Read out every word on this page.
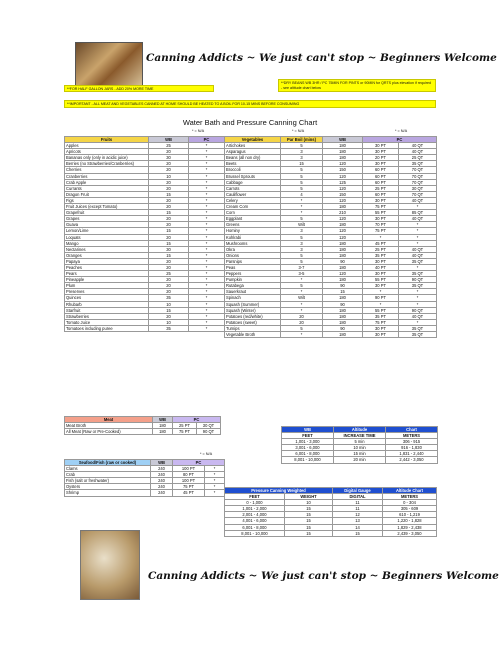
Canning Addicts ~ We just can't stop ~ Beginners Welcome
**FOR HALF GALLON JARS - ADD 20% MORE TIME
**DRY BEANS WB 3HR / PC 75MIN FOR PINTS or 90MIN for QRTS plus elevation if required - see altitude chart below
**IMPORTANT - ALL MEAT AND VEGETABLES CANNED AT HOME SHOULD BE HEATED TO A BOIL FOR 10-15 MINS BEFORE CONSUMING
Water Bath and Pressure Canning Chart
* = N/A	* = N/A	* = N/A
Fruits	WB	PC
Apples	25	*
Apricots	20	*
Bananas only (only in acidic juice)	30	*
Berries (no Strawberries/Cranberries)	20	*
Cherries	20	*
Cranberries	10	*
Crab Apple	20	*
Currants	20	*
Dragon Fruit	15	*
Figs	20	*
Fruit Juices (except Tomato)	20	*
Grapefruit	15	*
Grapes	20	*
Guava	20	*
Lemon/Lime	15	*
Loquats	20	*
Mango	15	*
Nectarines	30	*
Oranges	15	*
Papaya	20	*
Peaches	20	*
Pears	25	*
Pineapple	20	*
Plum	20	*
Preserves	20	*
Quinces	35	*
Rhubarb	10	*
Starfruit	15	*
Strawberries	20	*
Tomato Juice	10	*
Tomatoes including puree	35	*
Vegetables	Par Boil (mins)	WB	PC	
Artichokes	5	180	30 PT	40 QT
Asparagus	3	180	30 PT	40 QT
Beans (all non dry)	3	180	20 PT	25 QT
Beets	15	120	30 PT	35 QT
Broccoli	5	150	60 PT	70 QT
Brussel Sprouts	5	120	60 PT	70 QT
Cabbage	5	125	60 PT	70 QT
Carrots	5	120	25 PT	30 QT
Cauliflower	4	150	60 PT	70 QT
Celery	*	120	30 PT	40 QT
Cream Corn	*	180	75 PT	*
Corn	*	210	55 PT	85 QT
Eggplant	5	120	30 PT	40 QT
Greens	Wilt	180	70 PT	*
Hominy	3	120	75 PT	*
Kohlrabi	5	120	*	*
Mushrooms	3	180	45 PT	*
Okra	3	180	25 PT	40 QT
Onions	5	180	35 PT	40 QT
Parsnips	5	90	30 PT	35 QT
Peas	3-7	180	40 PT	*
Peppers	3-5	120	30 PT	35 QT
Pumpkin	*	180	55 PT	90 QT
Rutabega	5	90	30 PT	35 QT
Sauerkraut	*	15	*	*
Spinach	Wilt	180	90 PT	*
Squash (Summer)	*	90	*	*
Squash (Winter)	*	180	55 PT	90 QT
Potatoes (red/white)	20	180	35 PT	40 QT
Potatoes (sweet)	20	180	75 PT	*
Turnips	5	90	30 PT	35 QT
Vegetable Broth	*	180	30 PT	35 QT
Meat	WB	PC	
Meat Broth	180	25 PT	30 QT
All Meat (Raw or Pre-Cooked)	180	75 PT	90 QT
* = N/A
Seafood/Fish (raw or cooked)	WB	PC	
Clams	240	100 PT	*
Crab	240	80 PT	*
Fish (salt or freshwater)	240	100 PT	*
Oysters	240	75 PT	*
Shrimp	240	45 PT	*
WB	Altitude	Chart
FEET	INCREASE TIME	METERS
1,001 - 3,000	5 min	306 - 915
3,001 - 6,000	10 min	916 - 1,830
6,001 - 8,000	15 min	1,831 - 2,440
8,001 - 10,000	20 min	2,442 - 3,050
Pressure Canning Weighted		Digital Gauge	Altitude Chart
FEET	WEIGHT	DIGITAL	METERS
0 - 1,000	10	11	0 - 304
1,001 - 2,000	15	11	305 - 609
2,001 - 4,000	15	12	610 - 1,219
4,001 - 6,000	15	13	1,220 - 1,828
6,001 - 8,000	15	14	1,829 - 2,438
8,001 - 10,000	15	15	2,439 - 3,050
Canning Addicts ~ We just can't stop ~ Beginners Welcome
